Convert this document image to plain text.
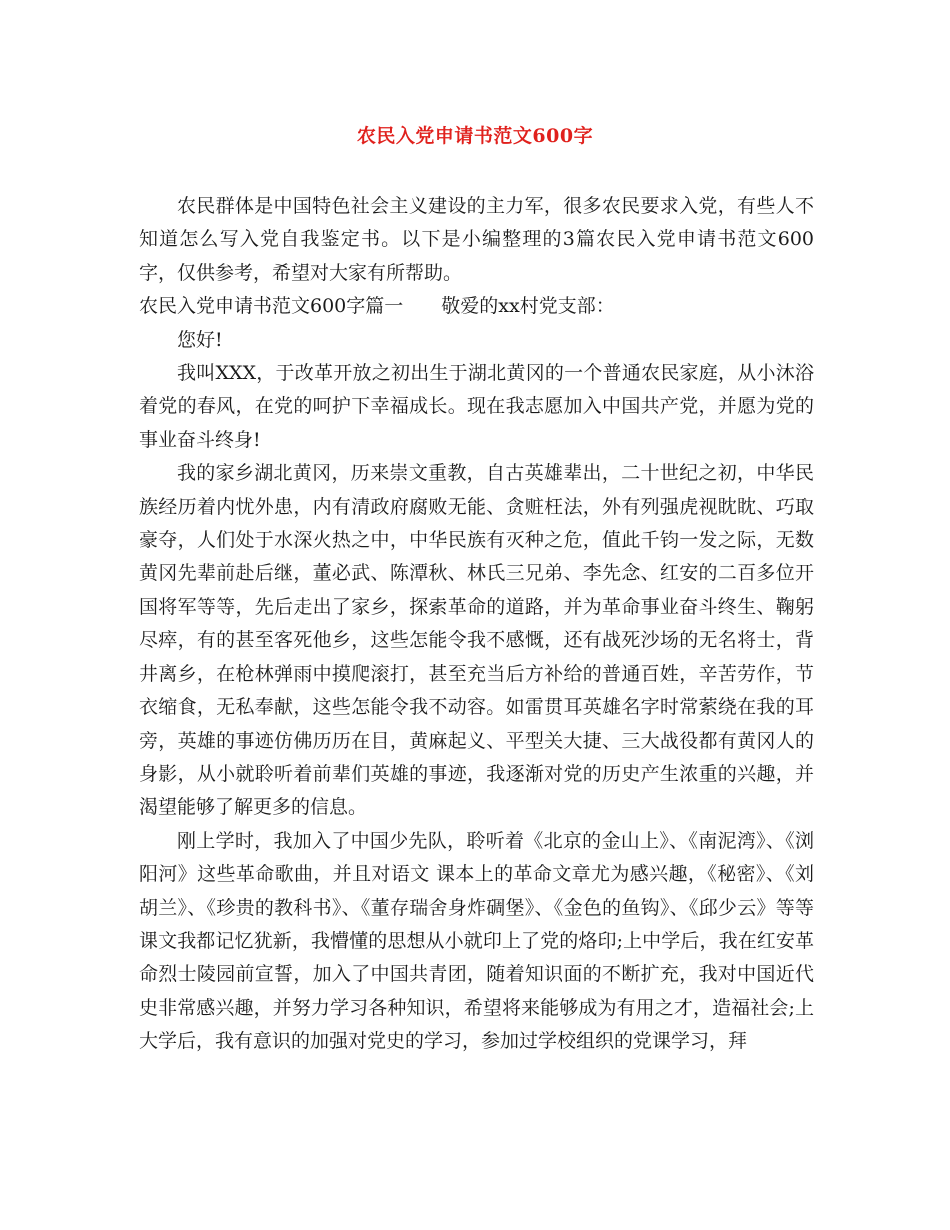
农民入党申请书范文600字

农民群体是中国特色社会主义建设的主力军，很多农民要求入党，有些人不知道怎么写入党自我鉴定书。以下是小编整理的3篇农民入党申请书范文600字，仅供参考，希望对大家有所帮助。

农民入党申请书范文600字篇一　　敬爱的xx村党支部：

您好!

我叫XXX，于改革开放之初出生于湖北黄冈的一个普通农民家庭，从小沐浴着党的春风，在党的呵护下幸福成长。现在我志愿加入中国共产党，并愿为党的事业奋斗终身!

我的家乡湖北黄冈，历来崇文重教，自古英雄辈出，二十世纪之初，中华民族经历着内忧外患，内有清政府腐败无能、贪赃枉法，外有列强虎视眈眈、巧取豪夺，人们处于水深火热之中，中华民族有灭种之危，值此千钧一发之际，无数黄冈先辈前赴后继，董必武、陈潭秋、林氏三兄弟、李先念、红安的二百多位开国将军等等，先后走出了家乡，探索革命的道路，并为革命事业奋斗终生、鞠躬尽瘁，有的甚至客死他乡，这些怎能令我不感慨，还有战死沙场的无名将士，背井离乡，在枪林弹雨中摸爬滚打，甚至充当后方补给的普通百姓，辛苦劳作，节衣缩食，无私奉献，这些怎能令我不动容。如雷贯耳英雄名字时常萦绕在我的耳旁，英雄的事迹仿佛历历在目，黄麻起义、平型关大捷、三大战役都有黄冈人的身影，从小就聆听着前辈们英雄的事迹，我逐渐对党的历史产生浓重的兴趣，并渴望能够了解更多的信息。

刚上学时，我加入了中国少先队，聆听着《北京的金山上》、《南泥湾》、《浏阳河》这些革命歌曲，并且对语文 课本上的革命文章尤为感兴趣，《秘密》、《刘胡兰》、《珍贵的教科书》、《董存瑞舍身炸碉堡》、《金色的鱼钩》、《邱少云》等等课文我都记忆犹新，我懵懂的思想从小就印上了党的烙印;上中学后，我在红安革命烈士陵园前宣誓，加入了中国共青团，随着知识面的不断扩充，我对中国近代史非常感兴趣，并努力学习各种知识，希望将来能够成为有用之才，造福社会;上大学后，我有意识的加强对党史的学习，参加过学校组织的党课学习，拜
